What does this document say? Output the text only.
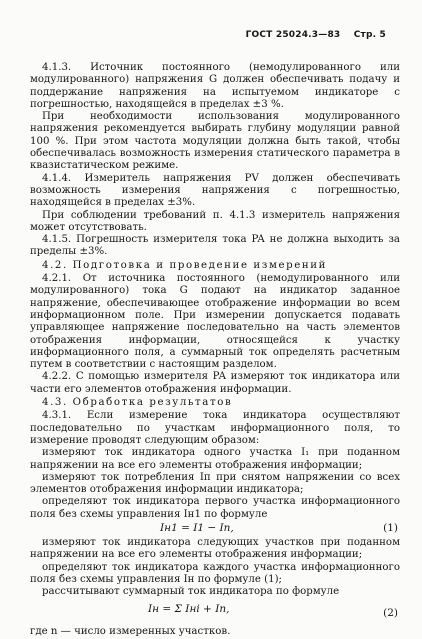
ГОСТ 25024.3—83 Стр. 5

4.1.3. Источник постоянного (немодулированного или модулированного) напряжения G должен обеспечивать подачу и поддержание напряжения на испытуемом индикаторе с погрешностью, находящейся в пределах ±3 %.

При необходимости использования модулированного напряжения рекомендуется выбирать глубину модуляции равной 100 %. При этом частота модуляции должна быть такой, чтобы обеспечивалась возможность измерения статического параметра в квазистатическом режиме.

4.1.4. Измеритель напряжения PV должен обеспечивать возможность измерения напряжения с погрешностью, находящейся в пределах ±3%.

При соблюдении требований п. 4.1.3 измеритель напряжения может отсутствовать.

4.1.5. Погрешность измерителя тока PA не должна выходить за пределы ±3%.

4.2. Подготовка и проведение измерений

4.2.1. От источника постоянного (немодулированного или модулированного) тока G подают на индикатор заданное напряжение, обеспечивающее отображение информации во всем информационном поле. При измерении допускается подавать управляющее напряжение последовательно на часть элементов отображения информации, относящейся к участку информационного поля, а суммарный ток определять расчетным путем в соответствии с настоящим разделом.

4.2.2. С помощью измерителя PA измеряют ток индикатора или части его элементов отображения информации.

4.3. Обработка результатов

4.3.1. Если измерение тока индикатора осуществляют последовательно по участкам информационного поля, то измерение проводят следующим образом:

измеряют ток индикатора одного участка I₁ при поданном напряжении на все его элементы отображения информации;

измеряют ток потребления Iп при снятом напряжении со всех элементов отображения информации индикатора;

определяют ток индикатора первого участка информационного поля без схемы управления Iн1 по формуле

Iн1 = I1 − Iп,	(1)

измеряют ток индикатора следующих участков при поданном напряжении на все его элементы отображения информации;

определяют ток индикатора каждого участка информационного поля без схемы управления Iн по формуле (1);

рассчитывают суммарный ток индикатора по формуле

Iн = Σ Iнi + Iп,	(2)

где n — число измеренных участков.
